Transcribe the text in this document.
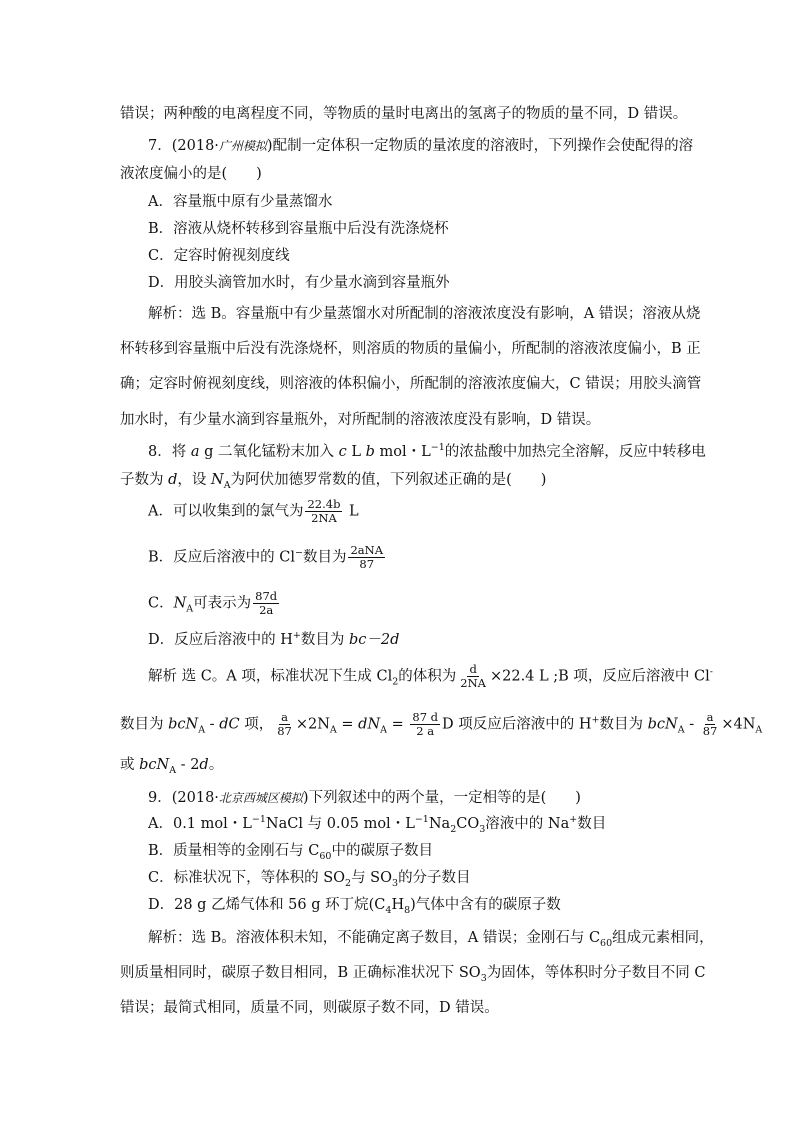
错误；两种酸的电离程度不同，等物质的量时电离出的氢离子的物质的量不同，D 错误。

7．(2018·广州模拟)配制一定体积一定物质的量浓度的溶液时，下列操作会使配得的溶

液浓度偏小的是(　　)

A．容量瓶中原有少量蒸馏水

B．溶液从烧杯转移到容量瓶中后没有洗涤烧杯

C．定容时俯视刻度线

D．用胶头滴管加水时，有少量水滴到容量瓶外

解析：选 B。容量瓶中有少量蒸馏水对所配制的溶液浓度没有影响，A 错误；溶液从烧

杯转移到容量瓶中后没有洗涤烧杯，则溶质的物质的量偏小，所配制的溶液浓度偏小，B 正

确；定容时俯视刻度线，则溶液的体积偏小，所配制的溶液浓度偏大，C 错误；用胶头滴管

加水时，有少量水滴到容量瓶外，对所配制的溶液浓度没有影响，D 错误。

8．将 a g 二氧化锰粉末加入 c L b mol・$L^{-1}$的浓盐酸中加热完全溶解，反应中转移电

子数为 d，设 $N_A$为阿伏加德罗常数的值，下列叙述正确的是(　　)

A．可以收集到的氯气为 $\frac{22.4b}{2NA}$ L

B．反应后溶液中的 Cl−数目为 $\frac{\text{2aNA}}{87}$

C．$N_A$可表示为 $\frac{87d}{2a}$

D．反应后溶液中的 H+数目为 bc－2d

解析 选 C。A 项，标准状况下生成 $Cl_2$的体积为 $\frac{d}{2NA} \times 22.4$ L ;B 项，反应后溶液中 Cl-

数目为 bcN$_A$ - dC 项， $\frac{a}{87} \times 2N_A = dN_A = \frac{87 d}{2 a}$ D 项反应后溶液中的 H+数目为 $bcN_A - \frac{a}{87} \times 4N_A$

或 bcN$_A$ - 2d。

9．(2018·北京西城区模拟)下列叙述中的两个量，一定相等的是(　　)

A．0.1 mol・$L^{-1}NaCl$ 与 0.05 mol・$L^{-1}Na_2CO_3$溶液中的 Na+数目

B．质量相等的金刚石与 $C_{60}$中的碳原子数目

C．标准状况下，等体积的 $SO_2$与 $SO_3$的分子数目

D．28 g 乙烯气体和 56 g 环丁烷$(C_4H_8)$气体中含有的碳原子数

解析：选 B。溶液体积未知，不能确定离子数目，A 错误；金刚石与 $C_{60}$组成元素相同，

则质量相同时，碳原子数目相同，B 正确标准状况下 $SO_3$为固体，等体积时分子数目不同 C

错误；最简式相同，质量不同，则碳原子数不同，D 错误。
